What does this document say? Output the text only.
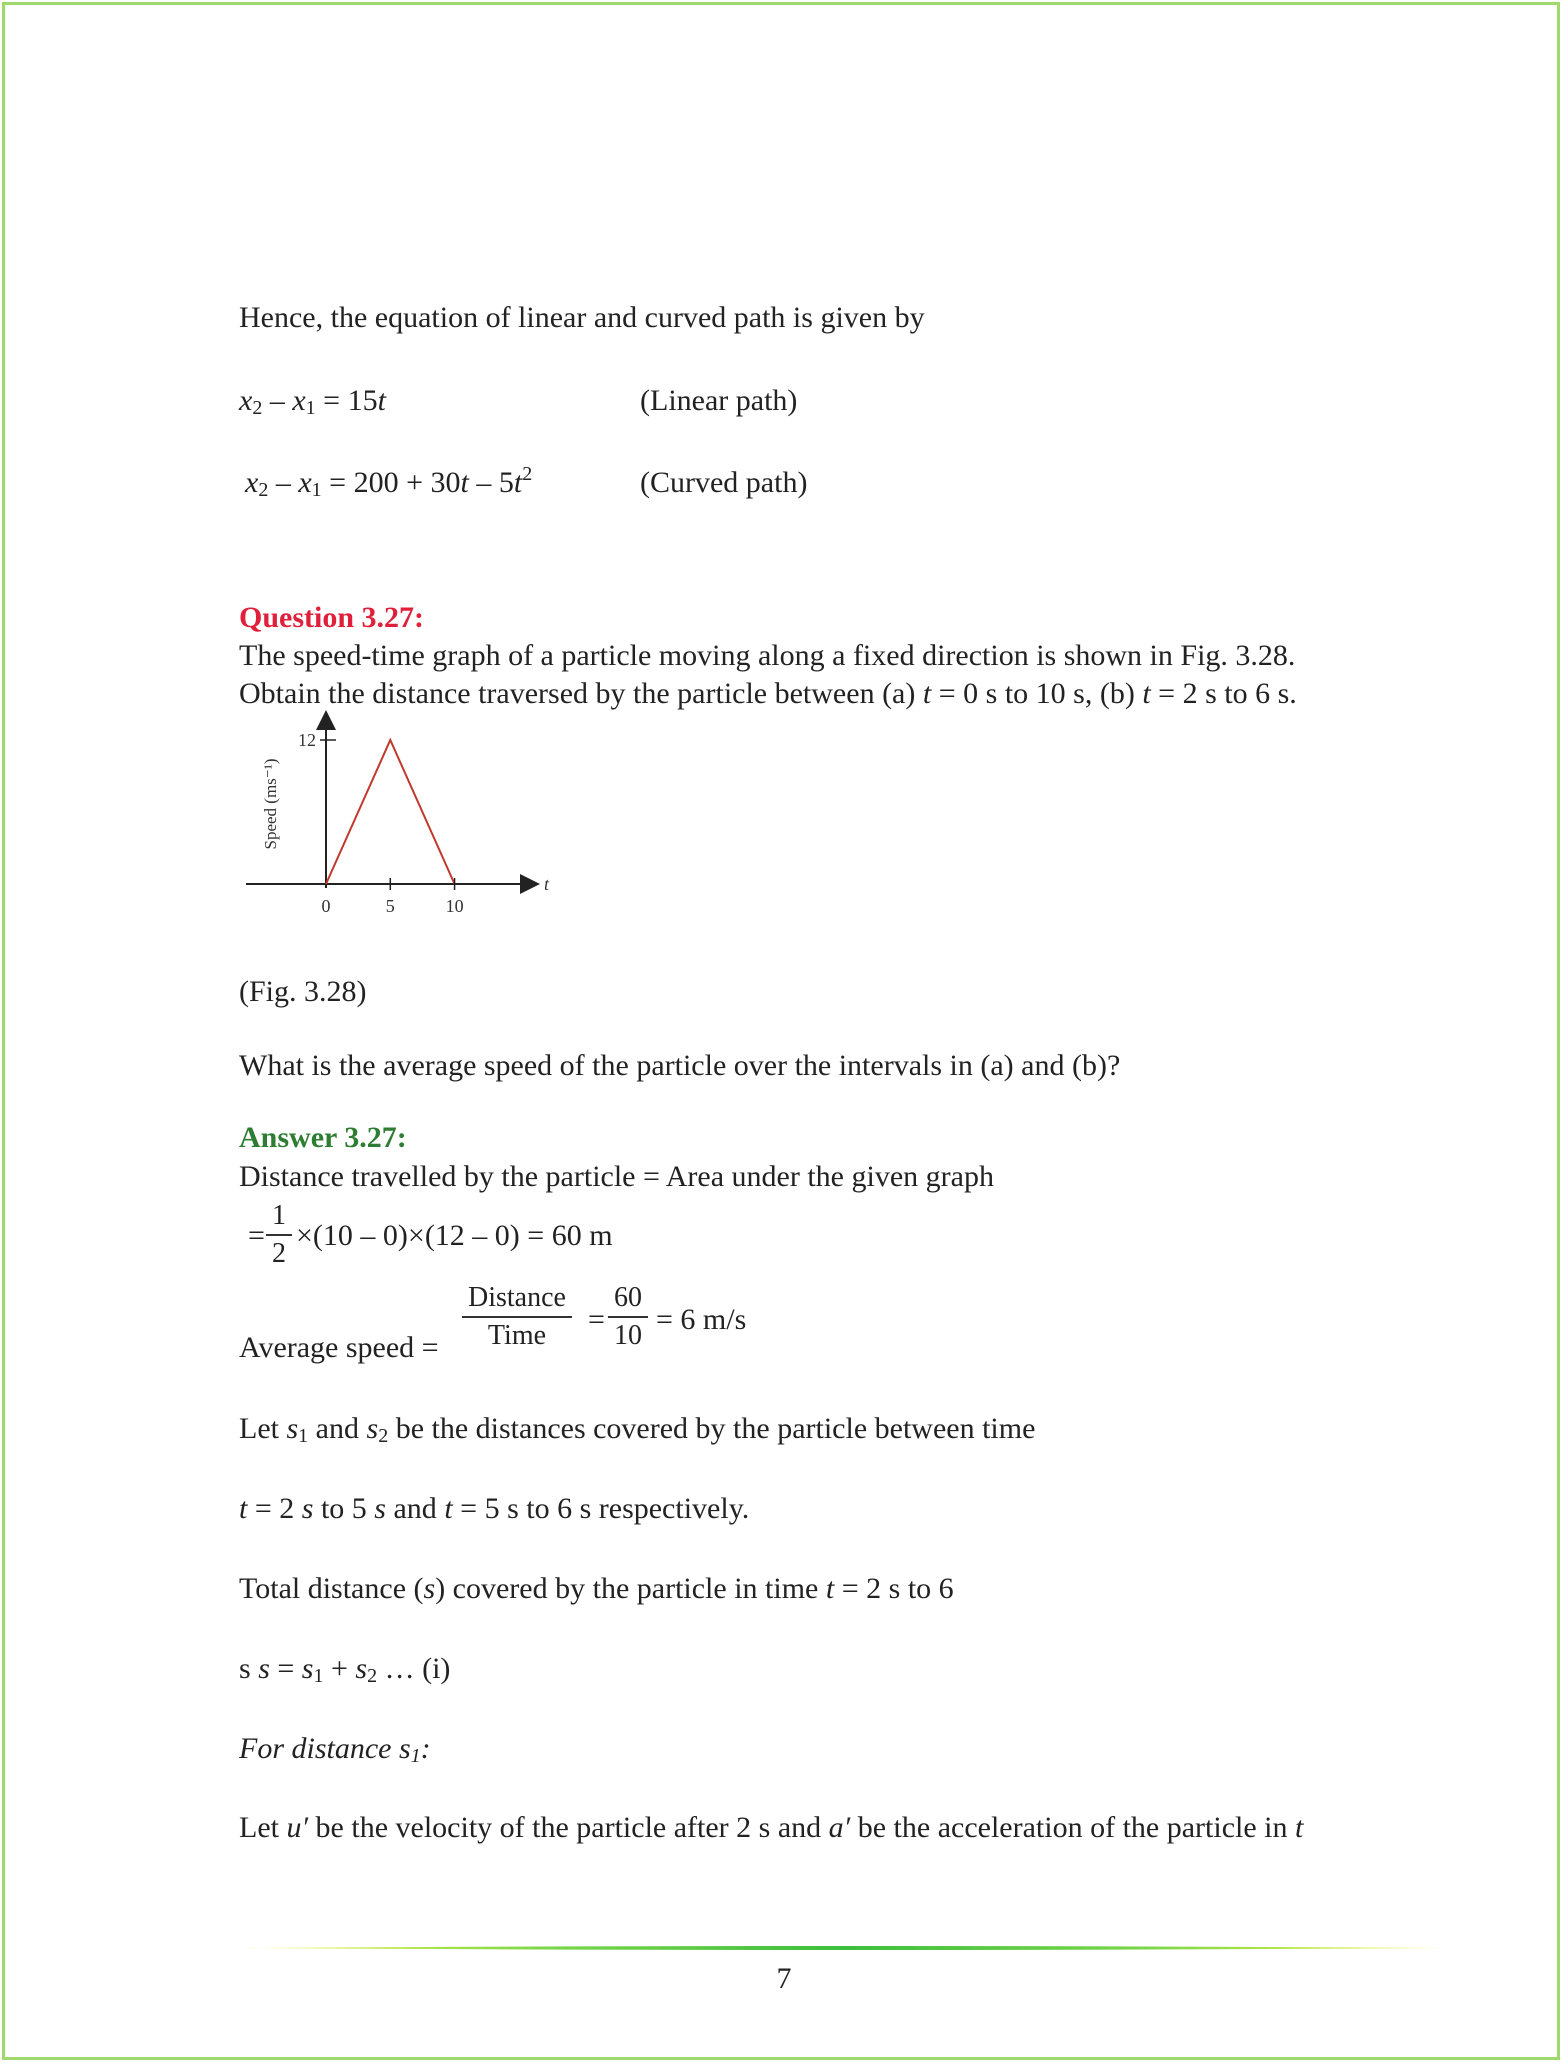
Hence, the equation of linear and curved path is given by
$x_2 - x_1 = 15t$	(Linear path)
$x_2 - x_1 = 200 + 30t - 5t^2$	(Curved path)
Question 3.27:
The speed-time graph of a particle moving along a fixed direction is shown in Fig. 3.28.
Obtain the distance traversed by the particle between (a) t = 0 s to 10 s, (b) t = 2 s to 6 s.
0	5	10
12
Speed (ms⁻¹)
t
(Fig. 3.28)
What is the average speed of the particle over the intervals in (a) and (b)?
Answer 3.27:
Distance travelled by the particle = Area under the given graph
= $\frac{1}{2} \times(10 - 0)\times(12 - 0) = 60$ m
Average speed =
Distance
Time	= $\frac{60}{10} = 6$ m/s
Let $s_1$ and $s_2$ be the distances covered by the particle between time
t = 2 s to 5 s and t = 5 s to 6 s respectively.
Total distance (s) covered by the particle in time t = 2 s to 6
s $s = s_1 + s_2$ … (i)
For distance $s_1$:
Let u′ be the velocity of the particle after 2 s and a′ be the acceleration of the particle in t
7
